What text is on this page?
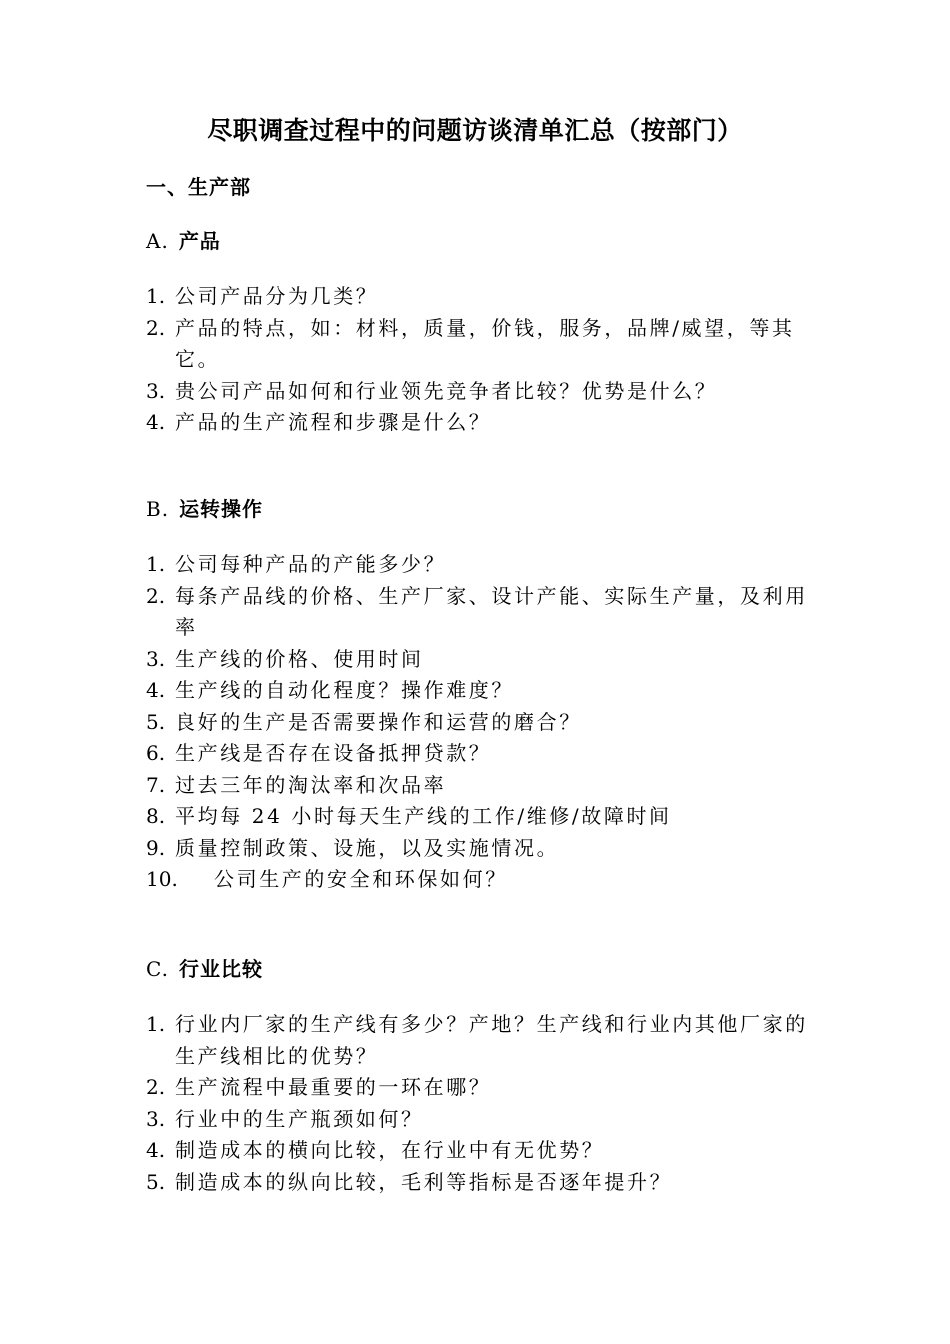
尽职调查过程中的问题访谈清单汇总（按部门）
一、生产部
A. 产品
1. 公司产品分为几类？
2. 产品的特点，如：材料，质量，价钱，服务，品牌/威望，等其它。
3. 贵公司产品如何和行业领先竞争者比较？优势是什么？
4. 产品的生产流程和步骤是什么？
B. 运转操作
1. 公司每种产品的产能多少？
2. 每条产品线的价格、生产厂家、设计产能、实际生产量，及利用率
3. 生产线的价格、使用时间
4. 生产线的自动化程度？操作难度？
5. 良好的生产是否需要操作和运营的磨合？
6. 生产线是否存在设备抵押贷款？
7. 过去三年的淘汰率和次品率
8. 平均每 24 小时每天生产线的工作/维修/故障时间
9. 质量控制政策、设施，以及实施情况。
10. 公司生产的安全和环保如何？
C. 行业比较
1. 行业内厂家的生产线有多少？产地？生产线和行业内其他厂家的生产线相比的优势？
2. 生产流程中最重要的一环在哪？
3. 行业中的生产瓶颈如何？
4. 制造成本的横向比较，在行业中有无优势？
5. 制造成本的纵向比较，毛利等指标是否逐年提升？
